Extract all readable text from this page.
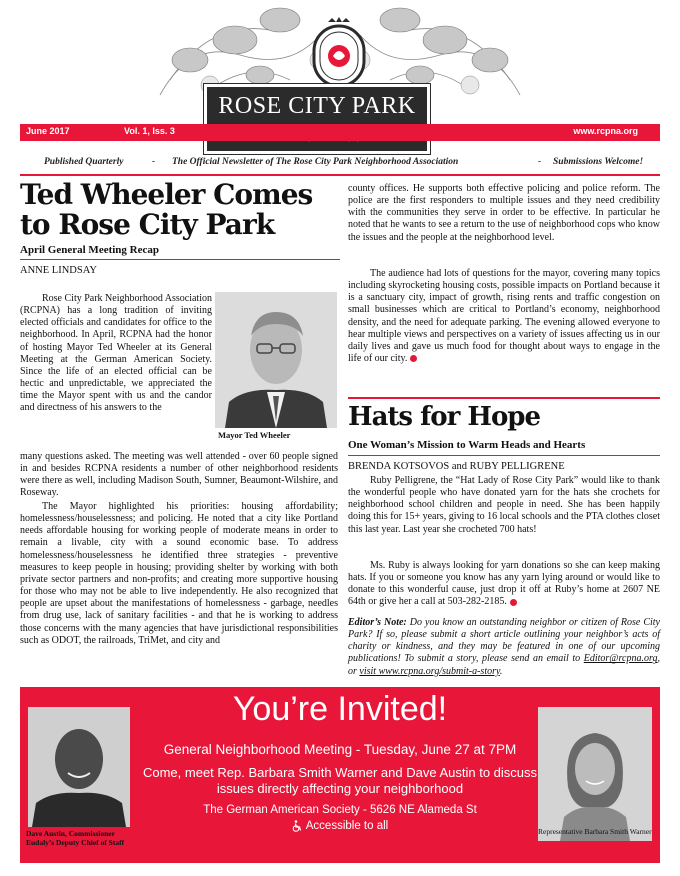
ROSE CITY PARK
June 2017	Vol. 1, Iss. 3	www.rcpna.org
Published Quarterly	- The Official Newsletter of The Rose City Park Neighborhood Association	- Submissions Welcome!
Ted Wheeler Comes to Rose City Park
April General Meeting Recap
ANNE LINDSAY
Mayor Ted Wheeler

Rose City Park Neighborhood Association (RCPNA) has a long tradition of inviting elected officials and candidates for office to the neighborhood. In April, RCPNA had the honor of hosting Mayor Ted Wheeler at its General Meeting at the German American Society. Since the life of an elected official can be hectic and unpredictable, we appreciated the time the Mayor spent with us and the candor and directness of his answers to the

many questions asked. The meeting was well attended - over 60 people signed in and besides RCPNA residents a number of other neighborhood residents were there as well, including Madison South, Sumner, Beaumont-Wilshire, and Roseway.

The Mayor highlighted his priorities: housing affordability; homelessness/houselessness; and policing. He noted that a city like Portland needs affordable housing for working people of moderate means in order to remain a livable, city with a sound economic base. To address homelessness/houselessness he identified three strategies - preventive measures to keep people in housing; providing shelter by working with both private sector partners and non-profits; and creating more supportive housing for those who may not be able to live independently. He also recognized that people are upset about the manifestations of homelessness - garbage, needles from drug use, lack of sanitary facilities - and that he is working to address those concerns with the many agencies that have jurisdictional responsibilities such as ODOT, the railroads, TriMet, and city and

county offices. He supports both effective policing and police reform. The police are the first responders to multiple issues and they need credibility with the communities they serve in order to be effective. In particular he noted that he wants to see a return to the use of neighborhood cops who know the issues and the people at the neighborhood level.

The audience had lots of questions for the mayor, covering many topics including skyrocketing housing costs, possible impacts on Portland because it is a sanctuary city, impact of growth, rising rents and traffic congestion on small businesses which are critical to Portland’s economy, neighborhood density, and the need for adequate parking. The evening allowed everyone to hear multiple views and perspectives on a variety of issues affecting us in our daily lives and gave us much food for thought about ways to engage in the life of our city.

Hats for Hope
One Woman’s Mission to Warm Heads and Hearts
BRENDA KOTSOVOS and RUBY PELLIGRENE

Ruby Pelligrene, the “Hat Lady of Rose City Park” would like to thank the wonderful people who have donated yarn for the hats she crochets for neighborhood school children and people in need. She has been happily doing this for 15+ years, giving to 16 local schools and the PTA clothes closet this last year. Last year she crocheted 700 hats!

Ms. Ruby is always looking for yarn donations so she can keep making hats. If you or someone you know has any yarn lying around or would like to donate to this wonderful cause, just drop it off at Ruby’s home at 2607 NE 64th or give her a call at 503-282-2185.

Editor’s Note: Do you know an outstanding neighbor or citizen of Rose City Park? If so, please submit a short article outlining your neighbor’s acts of charity or kindness, and they may be featured in one of our upcoming publications! To submit a story, please send an email to Editor@rcpna.org, or visit www.rcpna.org/submit-a-story.

Dave Austin, Commissioner
Eudaly’s Deputy Chief of Staff
You’re Invited!
General Neighborhood Meeting - Tuesday, June 27 at 7PM
Come, meet Rep. Barbara Smith Warner and Dave Austin to discuss
issues directly affecting your neighborhood
The German American Society - 5626 NE Alameda St
Accessible to all	Representative Barbara Smith Warner
